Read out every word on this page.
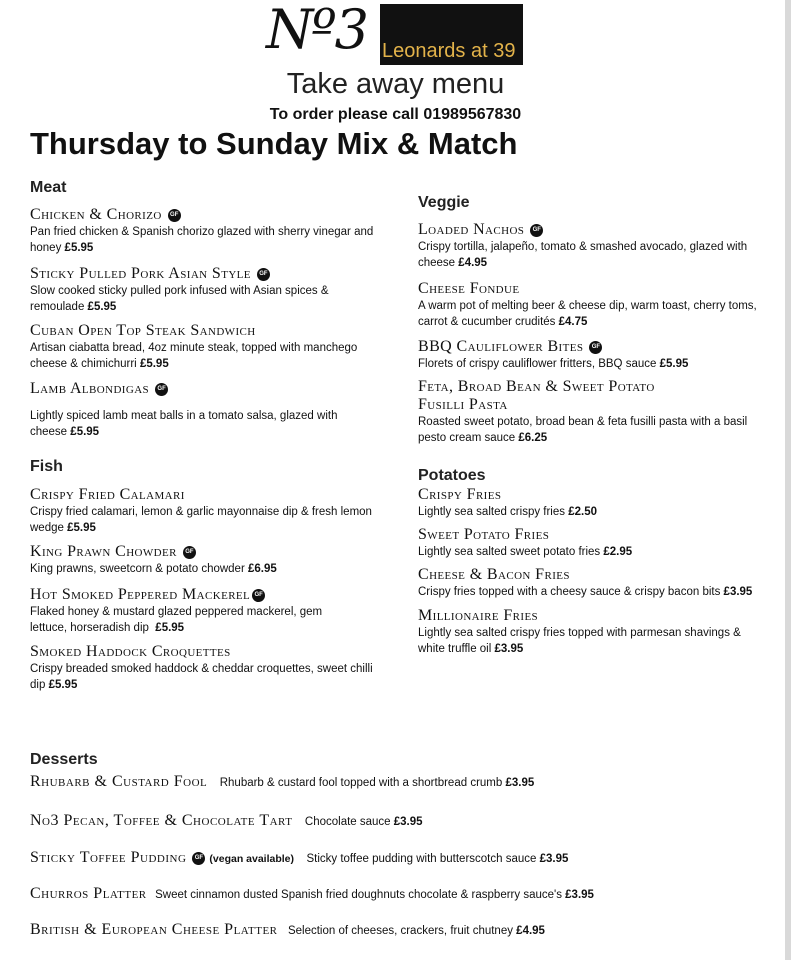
Nº3 Leonards at 39
Take away menu
To order please call 01989567830
Thursday to Sunday Mix & Match
Meat
Chicken & Chorizo GF
Pan fried chicken & Spanish chorizo glazed with sherry vinegar and honey £5.95
Sticky Pulled Pork Asian Style GF
Slow cooked sticky pulled pork infused with Asian spices & remoulade £5.95
Cuban Open Top Steak Sandwich
Artisan ciabatta bread, 4oz minute steak, topped with manchego cheese & chimichurri £5.95
Lamb Albondigas GF
Lightly spiced lamb meat balls in a tomato salsa, glazed with cheese £5.95
Fish
Crispy Fried Calamari
Crispy fried calamari, lemon & garlic mayonnaise dip & fresh lemon wedge £5.95
King Prawn Chowder GF
King prawns, sweetcorn & potato chowder £6.95
Hot Smoked Peppered Mackerel GF
Flaked honey & mustard glazed peppered mackerel, gem lettuce, horseradish dip £5.95
Smoked Haddock Croquettes
Crispy breaded smoked haddock & cheddar croquettes, sweet chilli dip £5.95
Veggie
Loaded Nachos GF
Crispy tortilla, jalapeño, tomato & smashed avocado, glazed with cheese £4.95
Cheese Fondue
A warm pot of melting beer & cheese dip, warm toast, cherry toms, carrot & cucumber crudités £4.75
BBQ Cauliflower Bites GF
Florets of crispy cauliflower fritters, BBQ sauce £5.95
Feta, Broad Bean & Sweet Potato
Fusilli Pasta
Roasted sweet potato, broad bean & feta fusilli pasta with a basil pesto cream sauce £6.25
Potatoes
Crispy Fries
Lightly sea salted crispy fries £2.50
Sweet Potato Fries
Lightly sea salted sweet potato fries £2.95
Cheese & Bacon Fries
Crispy fries topped with a cheesy sauce & crispy bacon bits £3.95
Millionaire Fries
Lightly sea salted crispy fries topped with parmesan shavings & white truffle oil £3.95
Desserts
Rhubarb & Custard Fool Rhubarb & custard fool topped with a shortbread crumb £3.95
No3 Pecan, Toffee & Chocolate Tart Chocolate sauce £3.95
Sticky Toffee Pudding GF (vegan available) Sticky toffee pudding with butterscotch sauce £3.95
Churros Platter Sweet cinnamon dusted Spanish fried doughnuts chocolate & raspberry sauce's £3.95
British & European Cheese Platter Selection of cheeses, crackers, fruit chutney £4.95
